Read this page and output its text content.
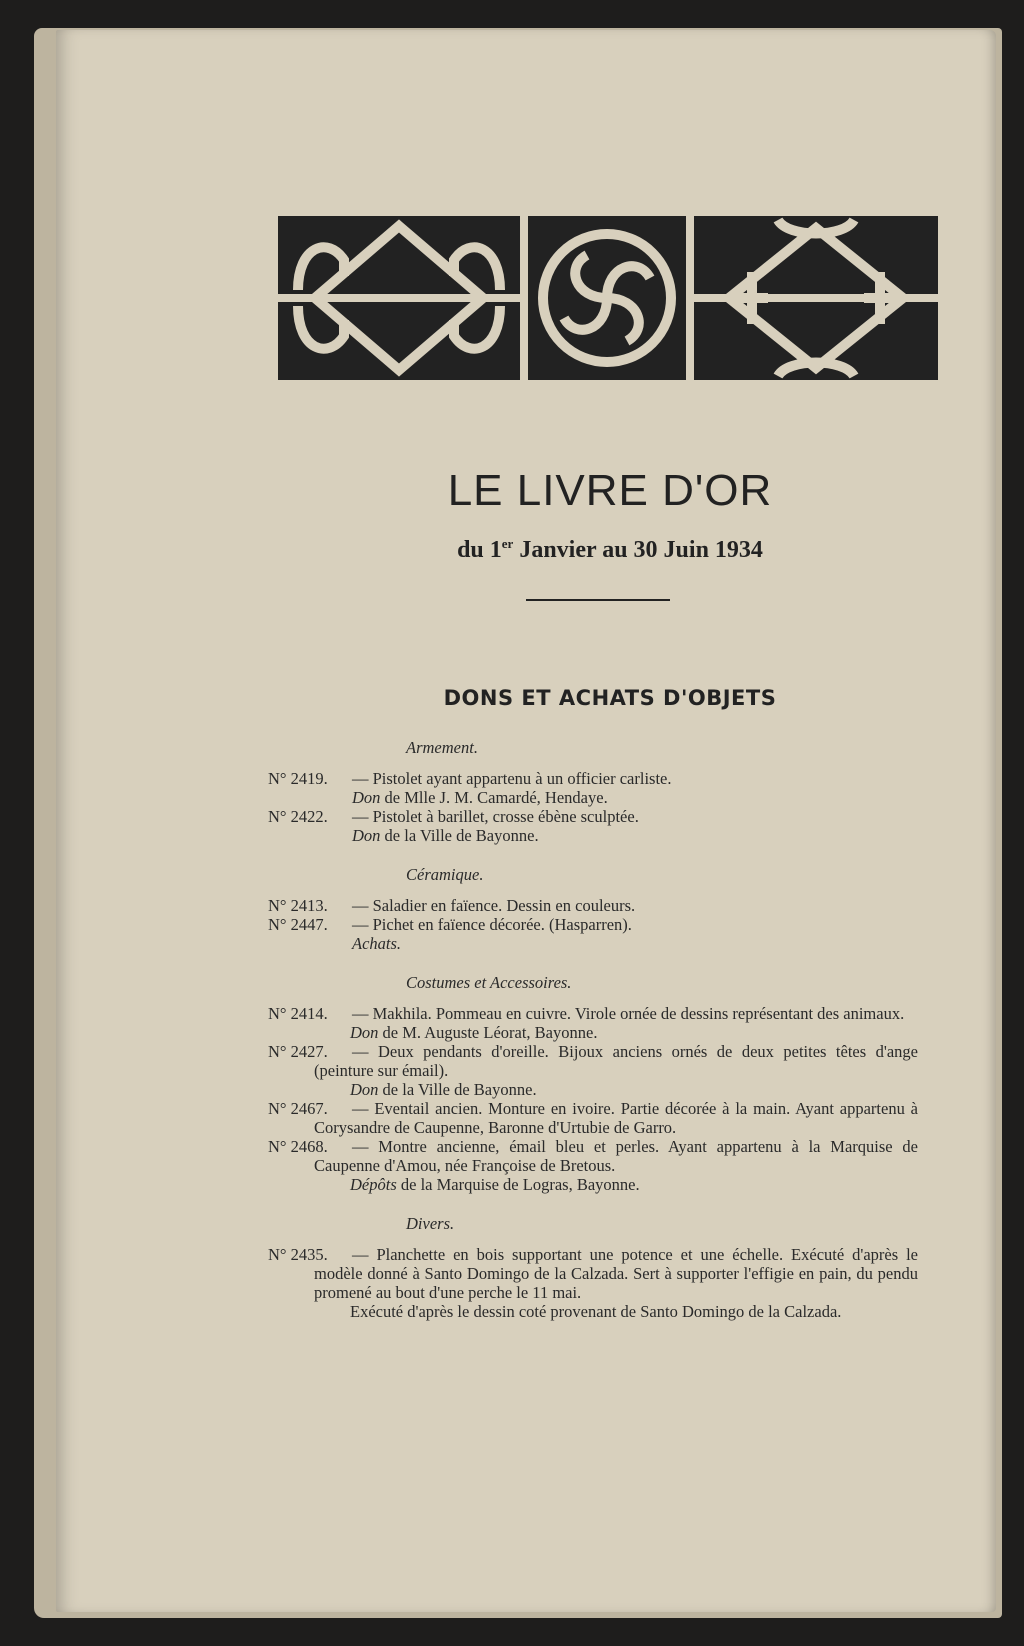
LE LIVRE D'OR
du 1er Janvier au 30 Juin 1934
DONS ET ACHATS D'OBJETS
Armement.
N° 2419.	— Pistolet ayant appartenu à un officier carliste.
Don de Mlle J. M. Camardé, Hendaye.
N° 2422.	— Pistolet à barillet, crosse ébène sculptée.
Don de la Ville de Bayonne.
Céramique.
N° 2413.	— Saladier en faïence. Dessin en couleurs.
N° 2447.	— Pichet en faïence décorée. (Hasparren).
Achats.
Costumes et Accessoires.
N° 2414.	— Makhila. Pommeau en cuivre. Virole ornée de dessins représentant des animaux.
Don de M. Auguste Léorat, Bayonne.
N° 2427.	— Deux pendants d'oreille. Bijoux anciens ornés de deux petites têtes d'ange (peinture sur émail).
Don de la Ville de Bayonne.
N° 2467.	— Eventail ancien. Monture en ivoire. Partie décorée à la main. Ayant appartenu à Corysandre de Caupenne, Baronne d'Urtubie de Garro.
N° 2468.	— Montre ancienne, émail bleu et perles. Ayant appartenu à la Marquise de Caupenne d'Amou, née Françoise de Bretous.
Dépôts de la Marquise de Logras, Bayonne.
Divers.
N° 2435.	— Planchette en bois supportant une potence et une échelle. Exécuté d'après le modèle donné à Santo Domingo de la Calzada. Sert à supporter l'effigie en pain, du pendu promené au bout d'une perche le 11 mai.
Exécuté d'après le dessin coté provenant de Santo Domingo de la Calzada.
